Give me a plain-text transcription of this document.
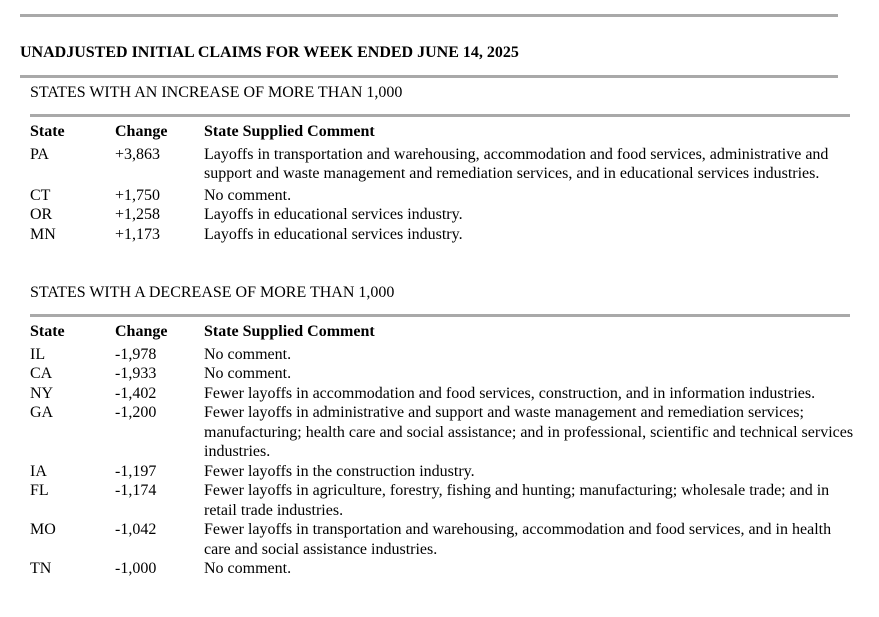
UNADJUSTED INITIAL CLAIMS FOR WEEK ENDED JUNE 14, 2025
STATES WITH AN INCREASE OF MORE THAN 1,000
State	Change	State Supplied Comment
PA	+3,863	Layoffs in transportation and warehousing, accommodation and food services, administrative and support and waste management and remediation services, and in educational services industries.
CT	+1,750	No comment.
OR	+1,258	Layoffs in educational services industry.
MN	+1,173	Layoffs in educational services industry.
STATES WITH A DECREASE OF MORE THAN 1,000
State	Change	State Supplied Comment
IL	-1,978	No comment.
CA	-1,933	No comment.
NY	-1,402	Fewer layoffs in accommodation and food services, construction, and in information industries.
GA	-1,200	Fewer layoffs in administrative and support and waste management and remediation services; manufacturing; health care and social assistance; and in professional, scientific and technical services industries.
IA	-1,197	Fewer layoffs in the construction industry.
FL	-1,174	Fewer layoffs in agriculture, forestry, fishing and hunting; manufacturing; wholesale trade; and in retail trade industries.
MO	-1,042	Fewer layoffs in transportation and warehousing, accommodation and food services, and in health care and social assistance industries.
TN	-1,000	No comment.
